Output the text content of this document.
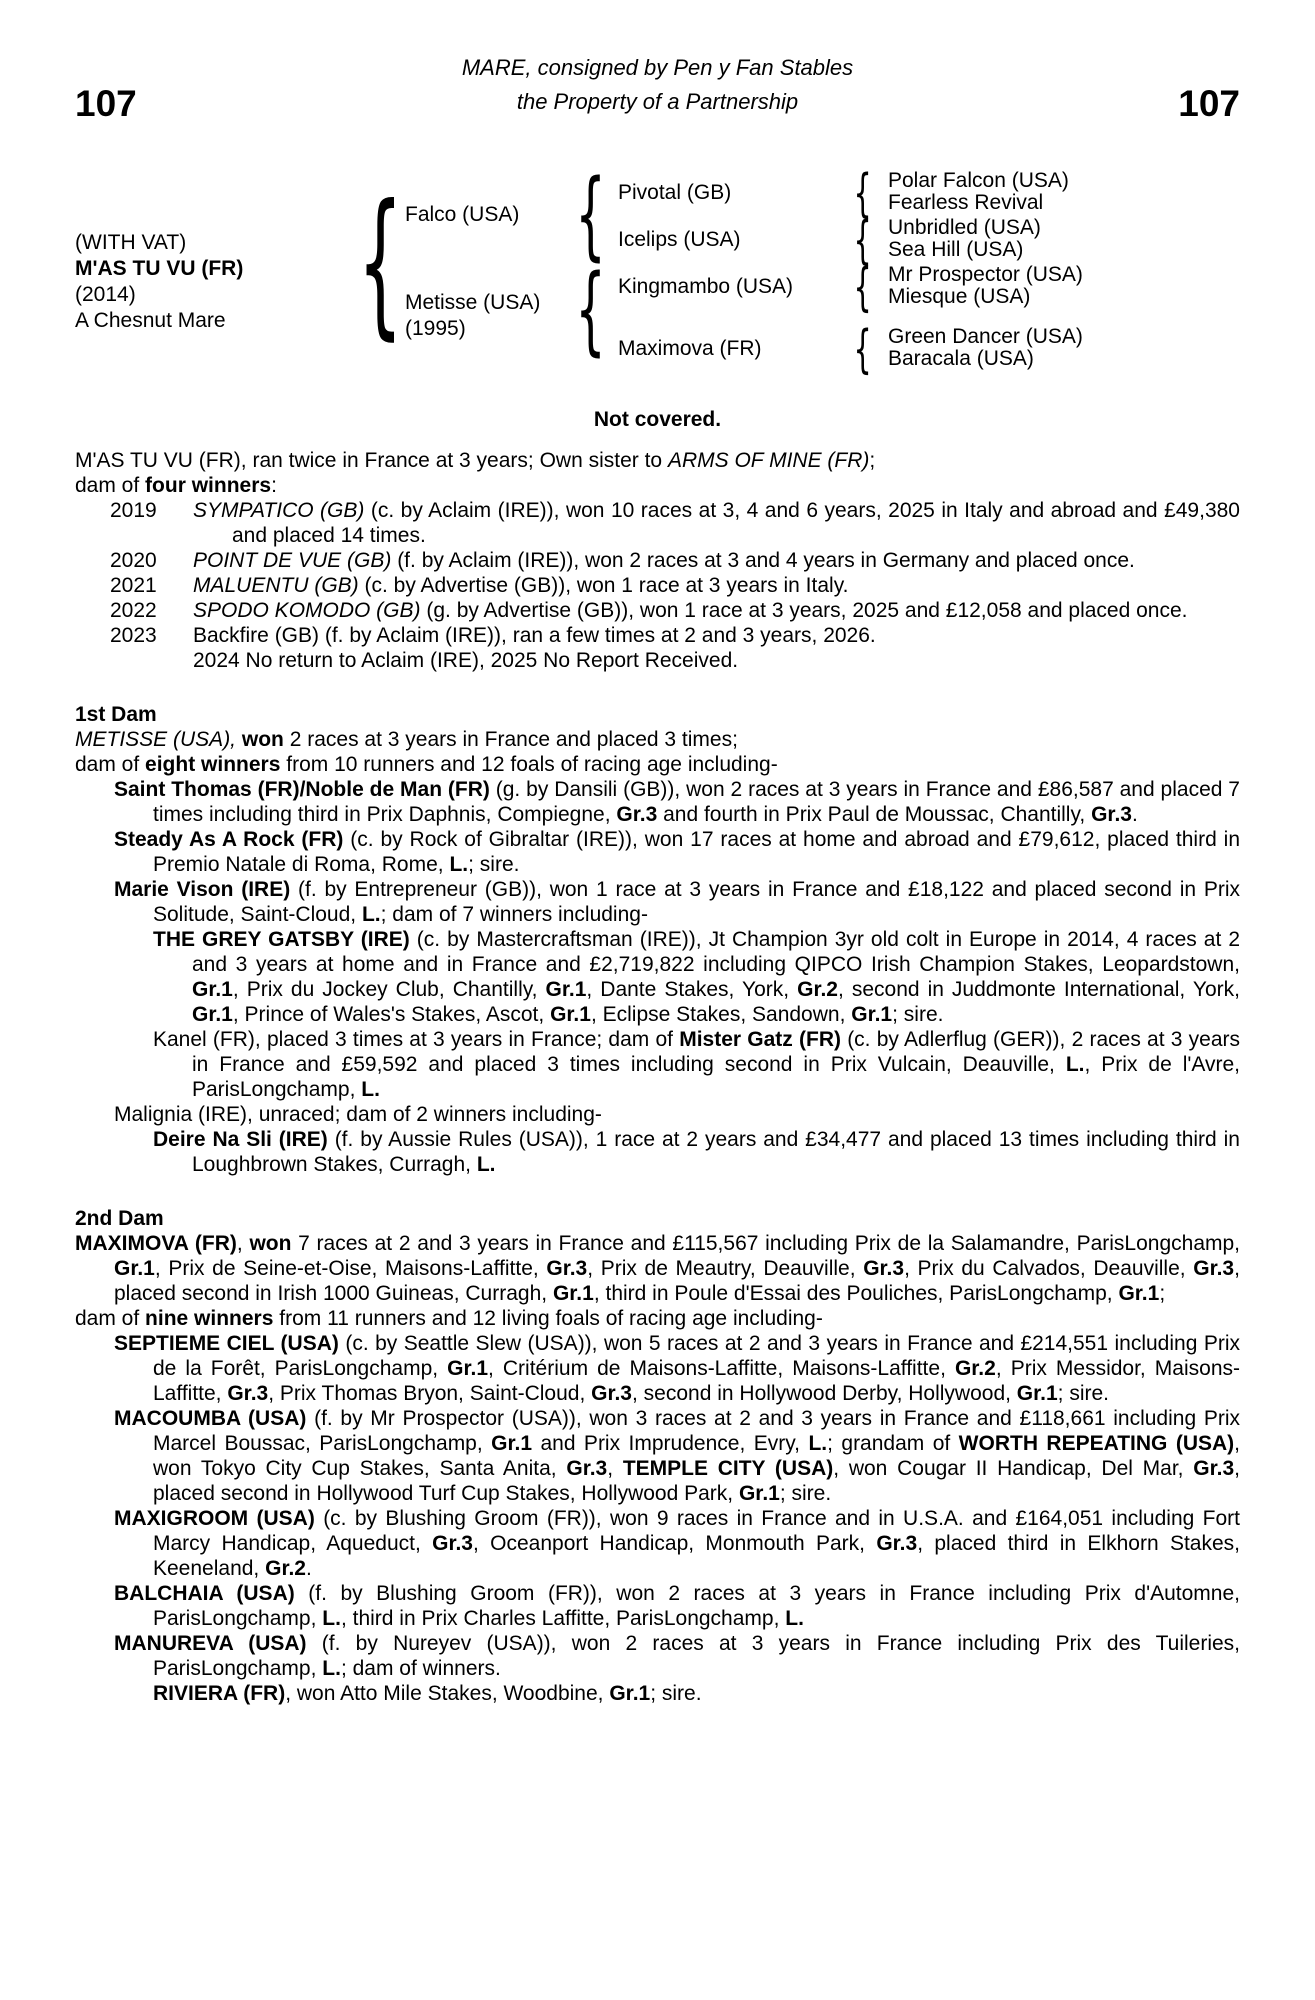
MARE, consigned by Pen y Fan Stables
the Property of a Partnership
107	107
(WITH VAT)
M'AS TU VU (FR)
(2014)
A Chesnut Mare { Falco (USA)
Metisse (USA)
(1995)
{
{
Pivotal (GB)
Icelips (USA)
Kingmambo (USA)
Maximova (FR)
{
{
{
{
Polar Falcon (USA)
Fearless Revival
Unbridled (USA)
Sea Hill (USA)
Mr Prospector (USA)
Miesque (USA)
Green Dancer (USA)
Baracala (USA)
Not covered.
M'AS TU VU (FR), ran twice in France at 3 years; Own sister to ARMS OF MINE (FR);
dam of four winners:
2019	SYMPATICO (GB) (c. by Aclaim (IRE)), won 10 races at 3, 4 and 6 years, 2025 in Italy and abroad and £49,380 and placed 14 times.
2020	POINT DE VUE (GB) (f. by Aclaim (IRE)), won 2 races at 3 and 4 years in Germany and placed once.
2021	MALUENTU (GB) (c. by Advertise (GB)), won 1 race at 3 years in Italy.
2022	SPODO KOMODO (GB) (g. by Advertise (GB)), won 1 race at 3 years, 2025 and £12,058 and placed once.
2023	Backfire (GB) (f. by Aclaim (IRE)), ran a few times at 2 and 3 years, 2026.
2024 No return to Aclaim (IRE), 2025 No Report Received.
1st Dam
METISSE (USA), won 2 races at 3 years in France and placed 3 times;
dam of eight winners from 10 runners and 12 foals of racing age including-
Saint Thomas (FR)/Noble de Man (FR) (g. by Dansili (GB)), won 2 races at 3 years in France and £86,587 and placed 7 times including third in Prix Daphnis, Compiegne, Gr.3 and fourth in Prix Paul de Moussac, Chantilly, Gr.3.
Steady As A Rock (FR) (c. by Rock of Gibraltar (IRE)), won 17 races at home and abroad and £79,612, placed third in Premio Natale di Roma, Rome, L.; sire.
Marie Vison (IRE) (f. by Entrepreneur (GB)), won 1 race at 3 years in France and £18,122 and placed second in Prix Solitude, Saint-Cloud, L.; dam of 7 winners including-
THE GREY GATSBY (IRE) (c. by Mastercraftsman (IRE)), Jt Champion 3yr old colt in Europe in 2014, 4 races at 2 and 3 years at home and in France and £2,719,822 including QIPCO Irish Champion Stakes, Leopardstown, Gr.1, Prix du Jockey Club, Chantilly, Gr.1, Dante Stakes, York, Gr.2, second in Juddmonte International, York, Gr.1, Prince of Wales's Stakes, Ascot, Gr.1, Eclipse Stakes, Sandown, Gr.1; sire.
Kanel (FR), placed 3 times at 3 years in France; dam of Mister Gatz (FR) (c. by Adlerflug (GER)), 2 races at 3 years in France and £59,592 and placed 3 times including second in Prix Vulcain, Deauville, L., Prix de l'Avre, ParisLongchamp, L.
Malignia (IRE), unraced; dam of 2 winners including-
Deire Na Sli (IRE) (f. by Aussie Rules (USA)), 1 race at 2 years and £34,477 and placed 13 times including third in Loughbrown Stakes, Curragh, L.
2nd Dam
MAXIMOVA (FR), won 7 races at 2 and 3 years in France and £115,567 including Prix de la Salamandre, ParisLongchamp, Gr.1, Prix de Seine-et-Oise, Maisons-Laffitte, Gr.3, Prix de Meautry, Deauville, Gr.3, Prix du Calvados, Deauville, Gr.3, placed second in Irish 1000 Guineas, Curragh, Gr.1, third in Poule d'Essai des Pouliches, ParisLongchamp, Gr.1;
dam of nine winners from 11 runners and 12 living foals of racing age including-
SEPTIEME CIEL (USA) (c. by Seattle Slew (USA)), won 5 races at 2 and 3 years in France and £214,551 including Prix de la Forêt, ParisLongchamp, Gr.1, Critérium de Maisons-Laffitte, Maisons-Laffitte, Gr.2, Prix Messidor, Maisons-Laffitte, Gr.3, Prix Thomas Bryon, Saint-Cloud, Gr.3, second in Hollywood Derby, Hollywood, Gr.1; sire.
MACOUMBA (USA) (f. by Mr Prospector (USA)), won 3 races at 2 and 3 years in France and £118,661 including Prix Marcel Boussac, ParisLongchamp, Gr.1 and Prix Imprudence, Evry, L.; grandam of WORTH REPEATING (USA), won Tokyo City Cup Stakes, Santa Anita, Gr.3, TEMPLE CITY (USA), won Cougar II Handicap, Del Mar, Gr.3, placed second in Hollywood Turf Cup Stakes, Hollywood Park, Gr.1; sire.
MAXIGROOM (USA) (c. by Blushing Groom (FR)), won 9 races in France and in U.S.A. and £164,051 including Fort Marcy Handicap, Aqueduct, Gr.3, Oceanport Handicap, Monmouth Park, Gr.3, placed third in Elkhorn Stakes, Keeneland, Gr.2.
BALCHAIA (USA) (f. by Blushing Groom (FR)), won 2 races at 3 years in France including Prix d'Automne, ParisLongchamp, L., third in Prix Charles Laffitte, ParisLongchamp, L.
MANUREVA (USA) (f. by Nureyev (USA)), won 2 races at 3 years in France including Prix des Tuileries, ParisLongchamp, L.; dam of winners.
RIVIERA (FR), won Atto Mile Stakes, Woodbine, Gr.1; sire.
